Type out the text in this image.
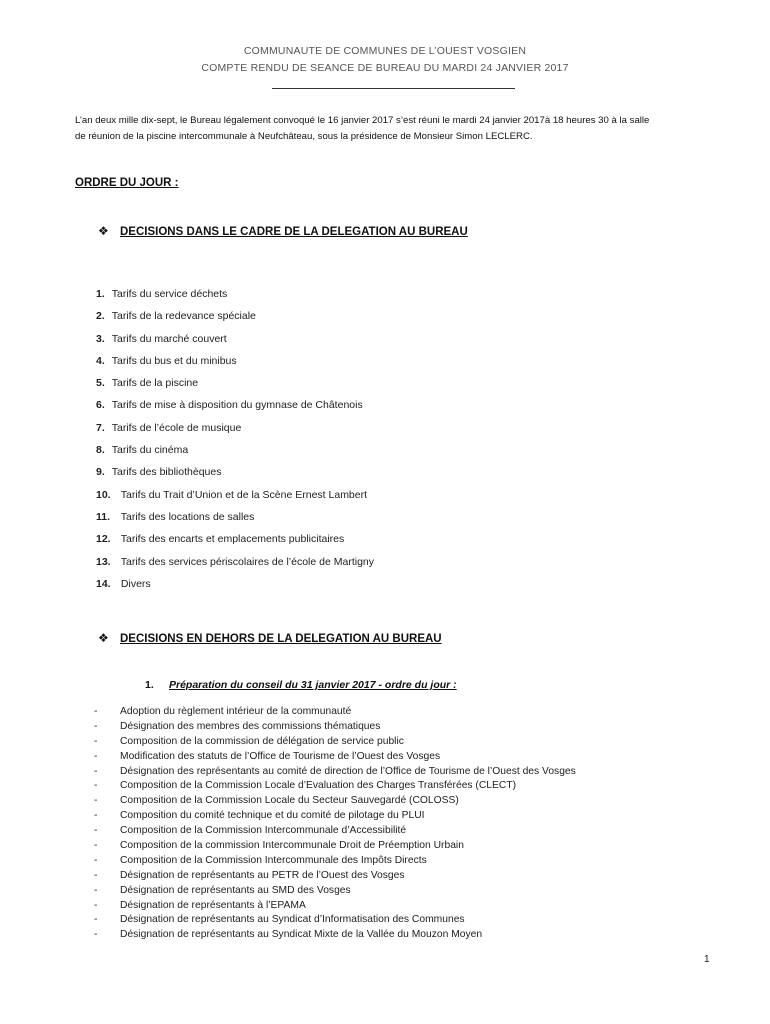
COMMUNAUTE DE COMMUNES DE L’OUEST VOSGIEN
COMPTE RENDU DE SEANCE DE BUREAU DU MARDI 24 JANVIER 2017

L’an deux mille dix-sept, le Bureau légalement convoqué le 16 janvier 2017 s’est réuni le mardi 24 janvier 2017à 18 heures 30 à la salle

de réunion de la piscine intercommunale à Neufchâteau, sous la présidence de Monsieur Simon LECLERC.

ORDRE DU JOUR :
❖ DECISIONS DANS LE CADRE DE LA DELEGATION AU BUREAU
1. Tarifs du service déchets
2. Tarifs de la redevance spéciale
3. Tarifs du marché couvert
4. Tarifs du bus et du minibus
5. Tarifs de la piscine
6. Tarifs de mise à disposition du gymnase de Châtenois
7. Tarifs de l’école de musique
8. Tarifs du cinéma
9. Tarifs des bibliothèques
10. Tarifs du Trait d’Union et de la Scène Ernest Lambert
11. Tarifs des locations de salles
12. Tarifs des encarts et emplacements publicitaires
13. Tarifs des services périscolaires de l’école de Martigny
14. Divers
❖ DECISIONS EN DEHORS DE LA DELEGATION AU BUREAU
1. Préparation du conseil du 31 janvier 2017 - ordre du jour :
- Adoption du règlement intérieur de la communauté
- Désignation des membres des commissions thématiques
- Composition de la commission de délégation de service public
- Modification des statuts de l’Office de Tourisme de l’Ouest des Vosges
- Désignation des représentants au comité de direction de l’Office de Tourisme de l’Ouest des Vosges
- Composition de la Commission Locale d’Evaluation des Charges Transférées (CLECT)
- Composition de la Commission Locale du Secteur Sauvegardé (COLOSS)
- Composition du comité technique et du comité de pilotage du PLUI
- Composition de la Commission Intercommunale d’Accessibilité
- Composition de la commission Intercommunale Droit de Préemption Urbain
- Composition de la Commission Intercommunale des Impôts Directs
- Désignation de représentants au PETR de l’Ouest des Vosges
- Désignation de représentants au SMD des Vosges
- Désignation de représentants à l’EPAMA
- Désignation de représentants au Syndicat d’Informatisation des Communes
- Désignation de représentants au Syndicat Mixte de la Vallée du Mouzon Moyen
1
